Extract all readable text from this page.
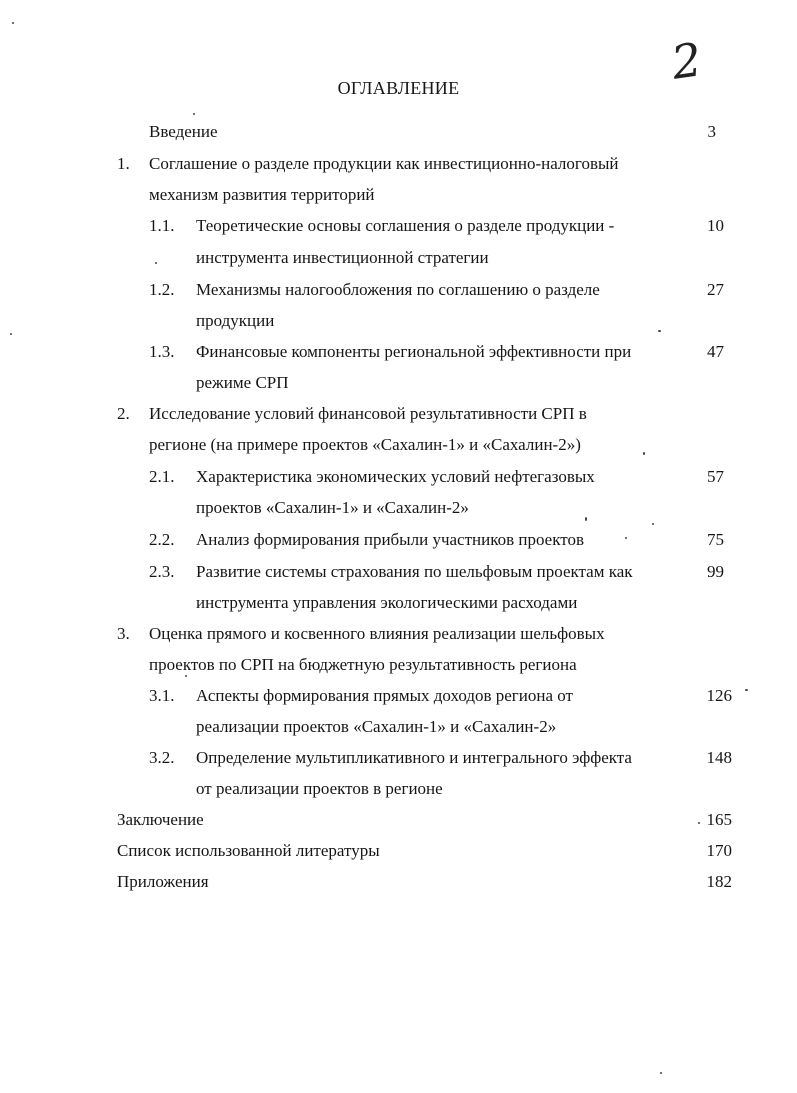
2
ОГЛАВЛЕНИЕ
Введение	3
1. Соглашение о разделе продукции как инвестиционно-налоговый
механизм развития территорий
1.1. Теоретические основы соглашения о разделе продукции -	10
инструмента инвестиционной стратегии
1.2. Механизмы налогообложения по соглашению о разделе	27
продукции
1.3. Финансовые компоненты региональной эффективности при	47
режиме СРП
2. Исследование условий финансовой результативности СРП в
регионе (на примере проектов «Сахалин-1» и «Сахалин-2»)
2.1. Характеристика экономических условий нефтегазовых	57
проектов «Сахалин-1» и «Сахалин-2»
2.2. Анализ формирования прибыли участников проектов	75
2.3. Развитие системы страхования по шельфовым проектам как	99
инструмента управления экологическими расходами
3. Оценка прямого и косвенного влияния реализации шельфовых
проектов по СРП на бюджетную результативность региона
3.1. Аспекты формирования прямых доходов региона от	126
реализации проектов «Сахалин-1» и «Сахалин-2»
3.2. Определение мультипликативного и интегрального эффекта	148
от реализации проектов в регионе
Заключение	165
Список использованной литературы	170
Приложения	182
